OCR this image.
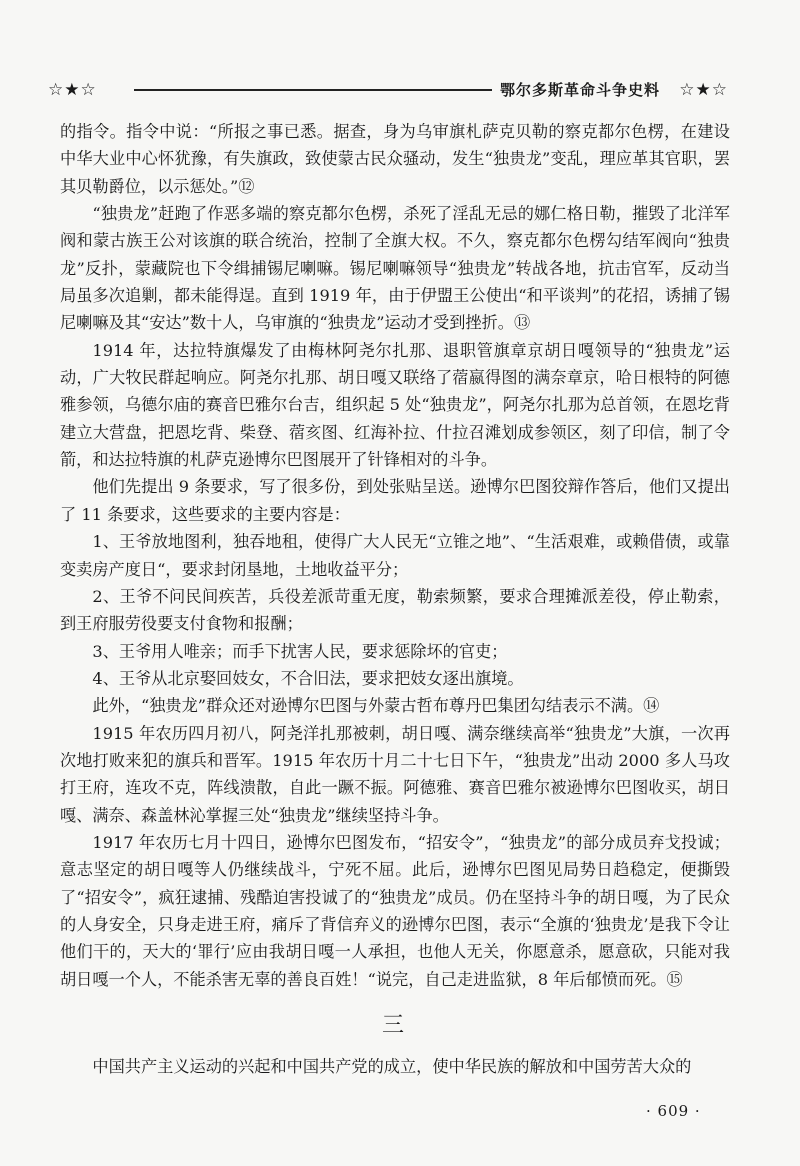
☆★☆	鄂尔多斯革命斗争史料 ☆★☆

的指令。指令中说：“所报之事已悉。据查，身为乌审旗札萨克贝勒的察克都尔色楞，在建设中华大业中心怀犹豫，有失旗政，致使蒙古民众骚动，发生“独贵龙”变乱，理应革其官职，罢其贝勒爵位，以示惩处。”⑫

“独贵龙”赶跑了作恶多端的察克都尔色楞，杀死了淫乱无忌的娜仁格日勒，摧毁了北洋军阀和蒙古族王公对该旗的联合统治，控制了全旗大权。不久，察克都尔色楞勾结军阀向“独贵龙”反扑，蒙藏院也下令缉捕锡尼喇嘛。锡尼喇嘛领导“独贵龙”转战各地，抗击官军，反动当局虽多次追剿，都未能得逞。直到 1919 年，由于伊盟王公使出“和平谈判”的花招，诱捕了锡尼喇嘛及其“安达”数十人，乌审旗的“独贵龙”运动才受到挫折。⑬

1914 年，达拉特旗爆发了由梅林阿尧尔扎那、退职管旗章京胡日嘎领导的“独贵龙”运动，广大牧民群起响应。阿尧尔扎那、胡日嘎又联络了蓿嬴得图的满奈章京，哈日根特的阿德雅参领，乌德尔庙的赛音巴雅尔台吉，组织起 5 处“独贵龙”，阿尧尔扎那为总首领，在恩圪背建立大营盘，把恩圪背、柴登、蓿亥图、红海补拉、什拉召滩划成参领区，刻了印信，制了令箭，和达拉特旗的札萨克逊博尔巴图展开了针锋相对的斗争。

他们先提出 9 条要求，写了很多份，到处张贴呈送。逊博尔巴图狡辩作答后，他们又提出了 11 条要求，这些要求的主要内容是：

1、王爷放地图利，独吞地租，使得广大人民无“立锥之地”、“生活艰难，或赖借债，或靠变卖房产度日“，要求封闭垦地，土地收益平分；

2、王爷不问民间疾苦，兵役差派苛重无度，勒索频繁，要求合理摊派差役，停止勒索，到王府服劳役要支付食物和报酬；

3、王爷用人唯亲；而手下扰害人民，要求惩除坏的官吏；

4、王爷从北京娶回妓女，不合旧法，要求把妓女逐出旗境。

此外，“独贵龙”群众还对逊博尔巴图与外蒙古哲布尊丹巴集团勾结表示不满。⑭

1915 年农历四月初八，阿尧洋扎那被刺，胡日嘎、满奈继续高举“独贵龙”大旗，一次再次地打败来犯的旗兵和晋军。1915 年农历十月二十七日下午，“独贵龙”出动 2000 多人马攻打王府，连攻不克，阵线溃散，自此一蹶不振。阿德雅、赛音巴雅尔被逊博尔巴图收买，胡日嘎、满奈、森盖林沁掌握三处“独贵龙”继续坚持斗争。

1917 年农历七月十四日，逊博尔巴图发布，“招安令”，“独贵龙”的部分成员弃戈投诚；意志坚定的胡日嘎等人仍继续战斗，宁死不屈。此后，逊博尔巴图见局势日趋稳定，便撕毁了“招安令”，疯狂逮捕、残酷迫害投诚了的“独贵龙”成员。仍在坚持斗争的胡日嘎，为了民众的人身安全，只身走进王府，痛斥了背信弃义的逊博尔巴图，表示“全旗的‘独贵龙’是我下令让他们干的，天大的‘罪行’应由我胡日嘎一人承担，也他人无关，你愿意杀，愿意砍，只能对我胡日嘎一个人，不能杀害无辜的善良百姓！“说完，自己走进监狱，8 年后郁愤而死。⑮

三

中国共产主义运动的兴起和中国共产党的成立，使中华民族的解放和中国劳苦大众的

· 609 ·
